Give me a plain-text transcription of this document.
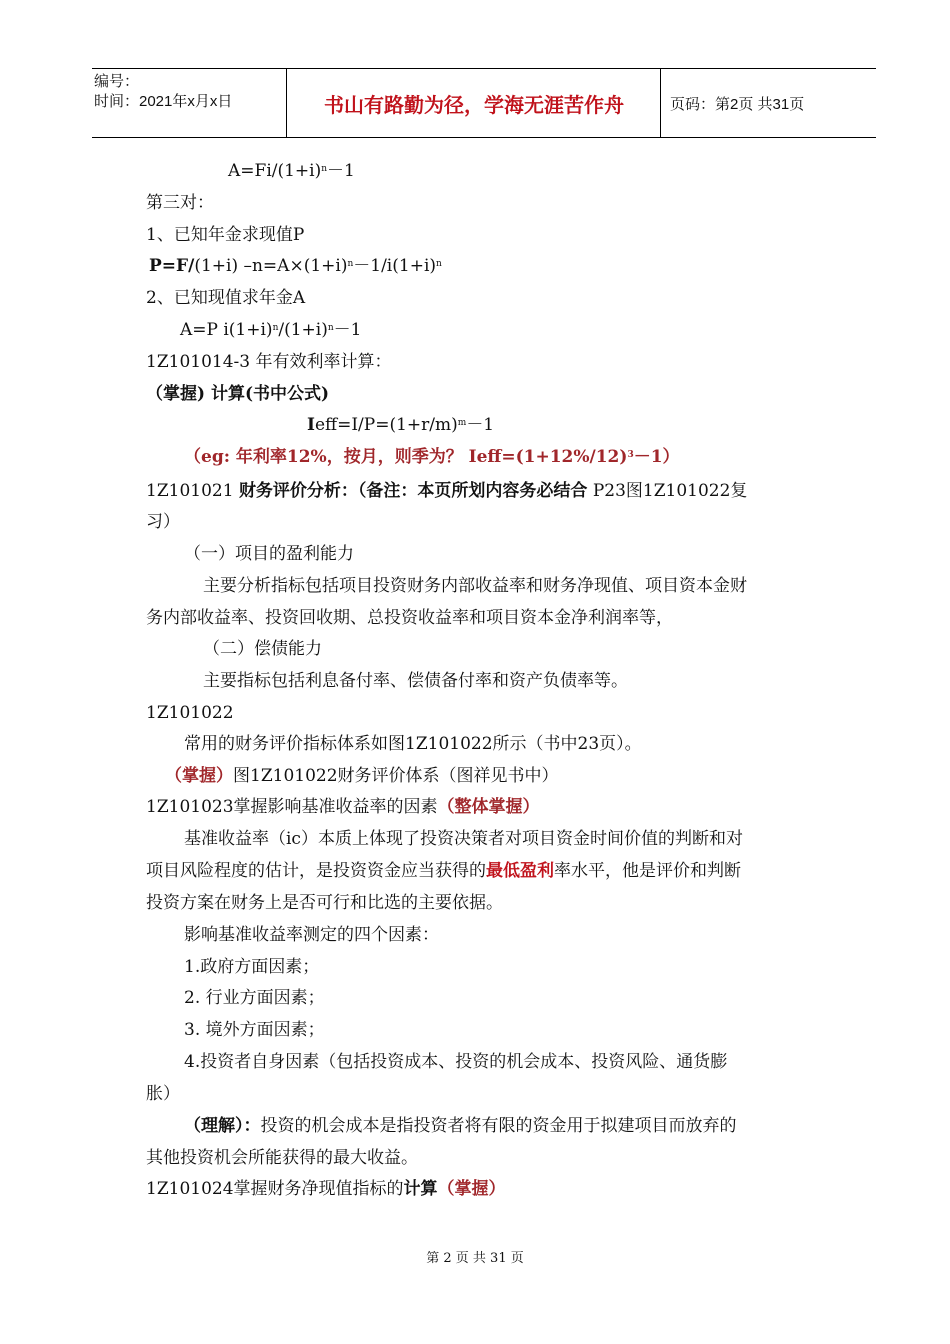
编号：
时间：2021年x月x日	书山有路勤为径，学海无涯苦作舟	页码：第2页 共31页
$A=Fi/(1+i)^n-1$
第三对：
1、已知年金求现值P
P=F/(1+i) $-n=A\times(1+i)^n-1/i(1+i)^n$
2、已知现值求年金A
A=P $i(1+i)^n/(1+i)^n-1$
1Z101014-3 年有效利率计算：
（掌握) 计算(书中公式)
$Ieff=I/P=(1+r/m)^m-1$
（eg: 年利率12%，按月，则季为？ $Ieff=(1+12\%/12)^3-1$）
1Z101021 财务评价分析：（备注：本页所划内容务必结合 P23图1Z101022复
习）
（一）项目的盈利能力
主要分析指标包括项目投资财务内部收益率和财务净现值、项目资本金财
务内部收益率、投资回收期、总投资收益率和项目资本金净利润率等，
（二）偿债能力
主要指标包括利息备付率、偿债备付率和资产负债率等。
1Z101022
常用的财务评价指标体系如图1Z101022所示（书中23页）。
（掌握）图1Z101022财务评价体系（图祥见书中）
1Z101023掌握影响基准收益率的因素（整体掌握）
基准收益率（ic）本质上体现了投资决策者对项目资金时间价值的判断和对
项目风险程度的估计，是投资资金应当获得的最低盈利率水平，他是评价和判断
投资方案在财务上是否可行和比选的主要依据。
影响基准收益率测定的四个因素：
1.政府方面因素；
2. 行业方面因素；
3. 境外方面因素；
4.投资者自身因素（包括投资成本、投资的机会成本、投资风险、通货膨
胀）
（理解）：投资的机会成本是指投资者将有限的资金用于拟建项目而放弃的
其他投资机会所能获得的最大收益。
1Z101024掌握财务净现值指标的计算（掌握）
第 2 页 共 31 页
